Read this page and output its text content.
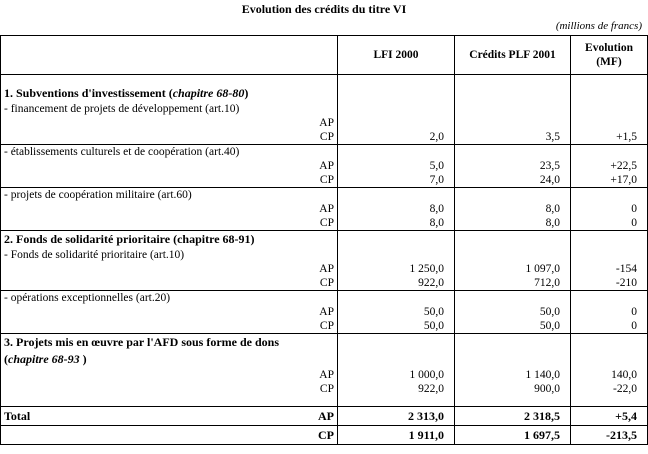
Evolution des crédits du titre VI
(millions de francs)
	LFI 2000	Crédits PLF 2001	Evolution
(MF)

1. Subventions d'investissement (chapitre 68-80)			
- financement de projets de développement (art.10)			
AP			
CP	2,0	3,5	+1,5
- établissements culturels et de coopération (art.40)			
AP	5,0	23,5	+22,5
CP	7,0	24,0	+17,0
- projets de coopération militaire (art.60)			
AP	8,0	8,0	0
CP	8,0	8,0	0
2. Fonds de solidarité prioritaire (chapitre 68-91)			
- Fonds de solidarité prioritaire (art.10)			
AP	1 250,0	1 097,0	-154
CP	922,0	712,0	-210
- opérations exceptionnelles (art.20)			
AP	50,0	50,0	0
CP	50,0	50,0	0
3. Projets mis en œuvre par l'AFD sous forme de dons			
(chapitre 68-93 )			
AP	1 000,0	1 140,0	140,0
CP	922,0	900,0	-22,0

Total AP	2 313,0	2 318,5	+5,4
CP	1 911,0	1 697,5	-213,5
